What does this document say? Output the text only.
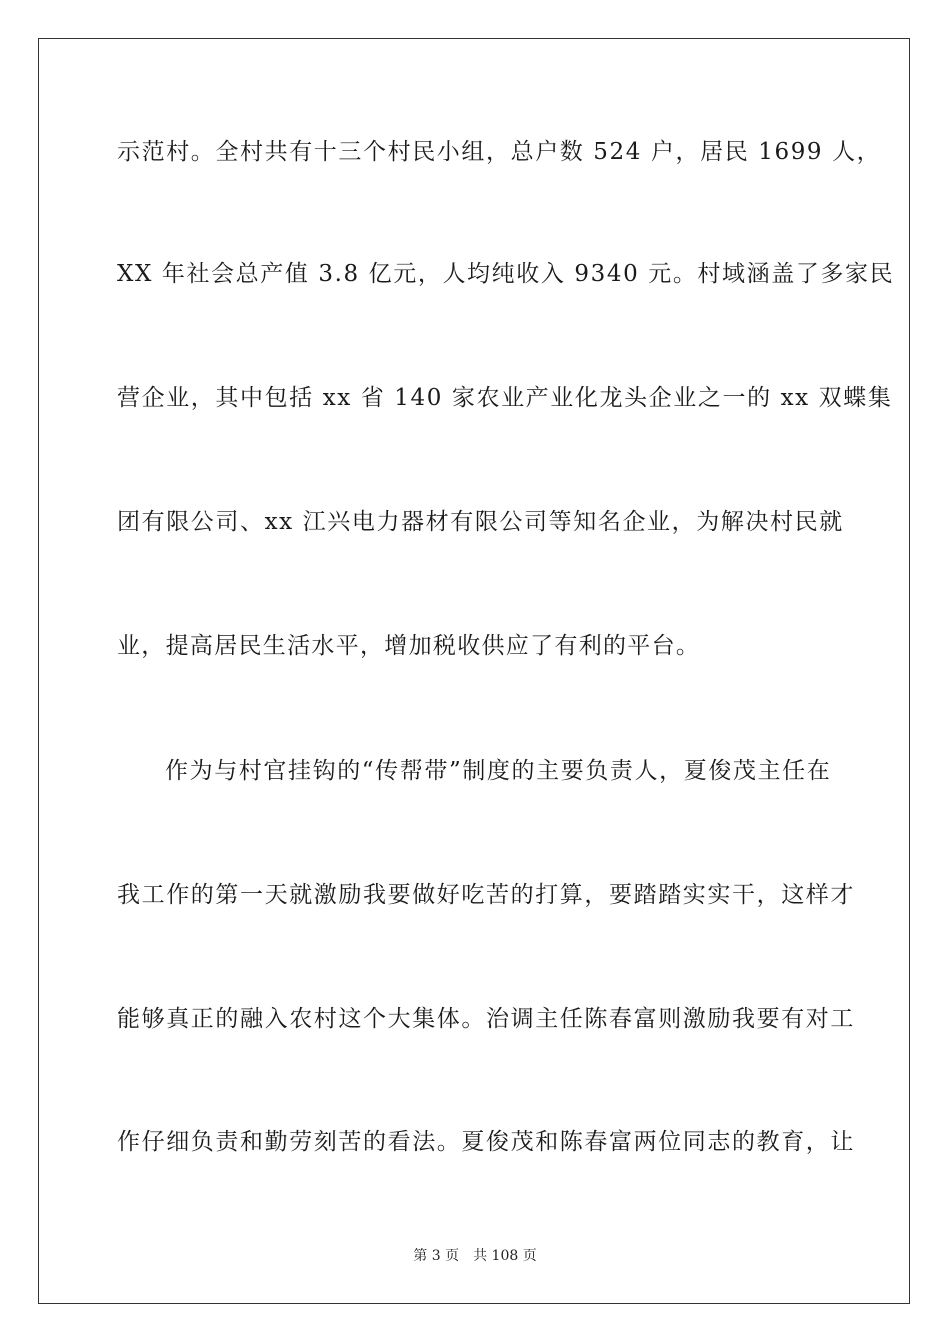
示范村。全村共有十三个村民小组，总户数 524 户，居民 1699 人，
XX 年社会总产值 3.8 亿元，人均纯收入 9340 元。村域涵盖了多家民
营企业，其中包括 xx 省 140 家农业产业化龙头企业之一的 xx 双蝶集
团有限公司、xx 江兴电力器材有限公司等知名企业，为解决村民就
业，提高居民生活水平，增加税收供应了有利的平台。
作为与村官挂钩的“传帮带”制度的主要负责人，夏俊茂主任在
我工作的第一天就激励我要做好吃苦的打算，要踏踏实实干，这样才
能够真正的融入农村这个大集体。治调主任陈春富则激励我要有对工
作仔细负责和勤劳刻苦的看法。夏俊茂和陈春富两位同志的教育，让
第 3 页 共 108 页
